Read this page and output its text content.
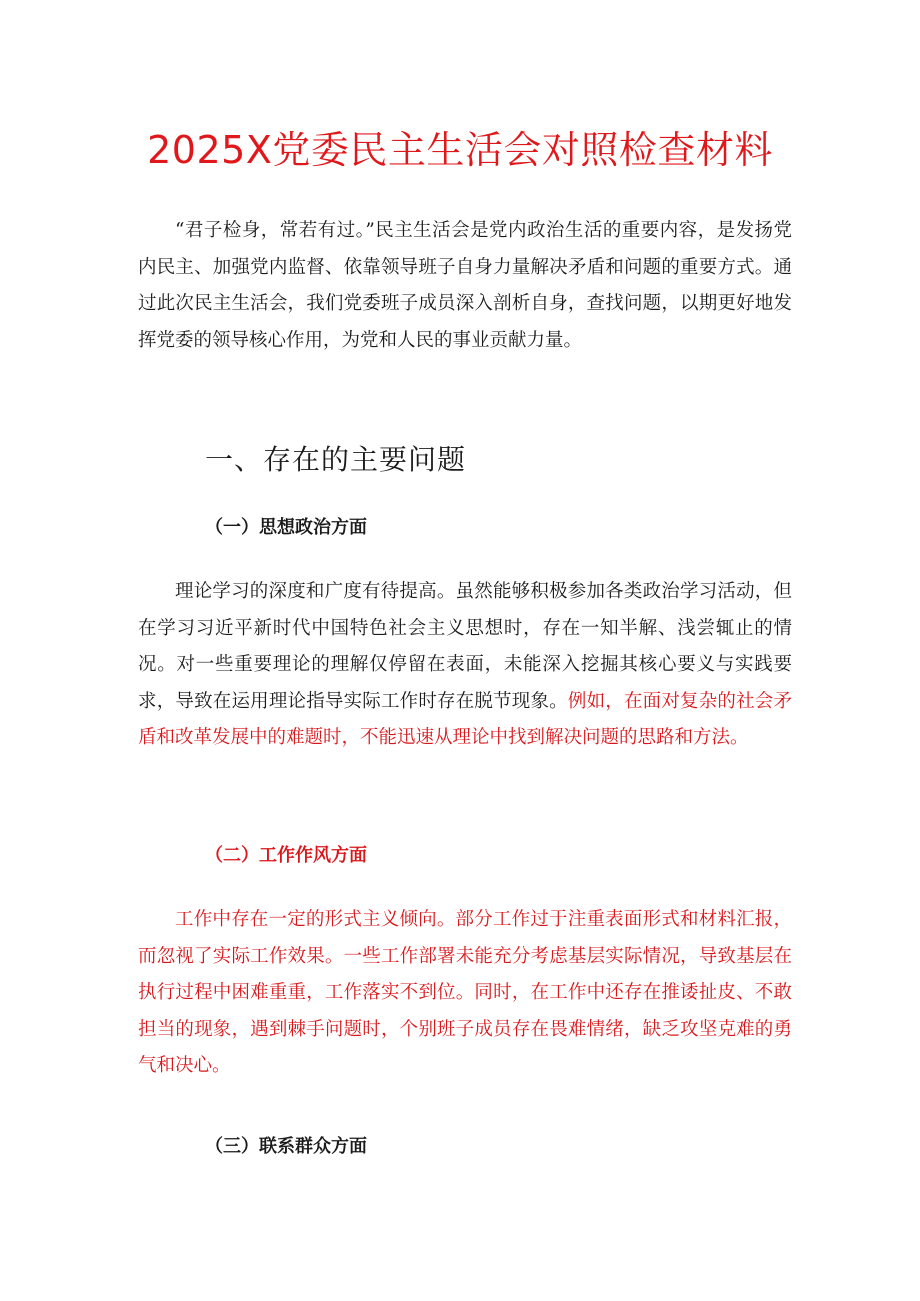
2025X党委民主生活会对照检查材料

“君子检身，常若有过。”民主生活会是党内政治生活的重要内容，是发扬党内民主、加强党内监督、依靠领导班子自身力量解决矛盾和问题的重要方式。通过此次民主生活会，我们党委班子成员深入剖析自身，查找问题，以期更好地发挥党委的领导核心作用，为党和人民的事业贡献力量。

一、存在的主要问题
（一）思想政治方面

理论学习的深度和广度有待提高。虽然能够积极参加各类政治学习活动，但在学习习近平新时代中国特色社会主义思想时，存在一知半解、浅尝辄止的情况。对一些重要理论的理解仅停留在表面，未能深入挖掘其核心要义与实践要求，导致在运用理论指导实际工作时存在脱节现象。例如，在面对复杂的社会矛盾和改革发展中的难题时，不能迅速从理论中找到解决问题的思路和方法。

（二）工作作风方面

工作中存在一定的形式主义倾向。部分工作过于注重表面形式和材料汇报，而忽视了实际工作效果。一些工作部署未能充分考虑基层实际情况，导致基层在执行过程中困难重重，工作落实不到位。同时，在工作中还存在推诿扯皮、不敢担当的现象，遇到棘手问题时，个别班子成员存在畏难情绪，缺乏攻坚克难的勇气和决心。

（三）联系群众方面
